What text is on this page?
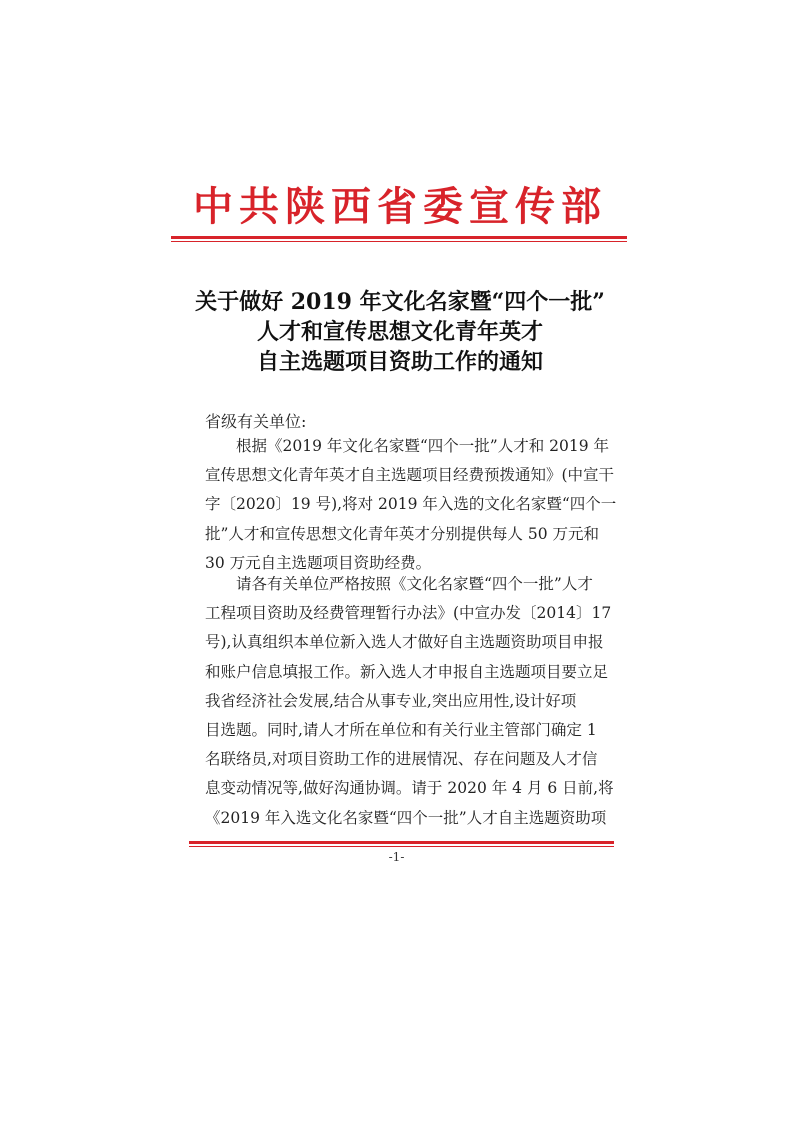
中共陕西省委宣传部
关于做好 2019 年文化名家暨“四个一批”
人才和宣传思想文化青年英才
自主选题项目资助工作的通知
省级有关单位:
　　根据《2019 年文化名家暨“四个一批”人才和 2019 年
宣传思想文化青年英才自主选题项目经费预拨通知》(中宣干
字〔2020〕19 号),将对 2019 年入选的文化名家暨“四个一
批”人才和宣传思想文化青年英才分别提供每人 50 万元和
30 万元自主选题项目资助经费。
　　请各有关单位严格按照《文化名家暨“四个一批”人才
工程项目资助及经费管理暂行办法》(中宣办发〔2014〕17
号),认真组织本单位新入选人才做好自主选题资助项目申报
和账户信息填报工作。新入选人才申报自主选题项目要立足
我省经济社会发展,结合从事专业,突出应用性,设计好项
目选题。同时,请人才所在单位和有关行业主管部门确定 1
名联络员,对项目资助工作的进展情况、存在问题及人才信
息变动情况等,做好沟通协调。请于 2020 年 4 月 6 日前,将
《2019 年入选文化名家暨“四个一批”人才自主选题资助项
-1-
